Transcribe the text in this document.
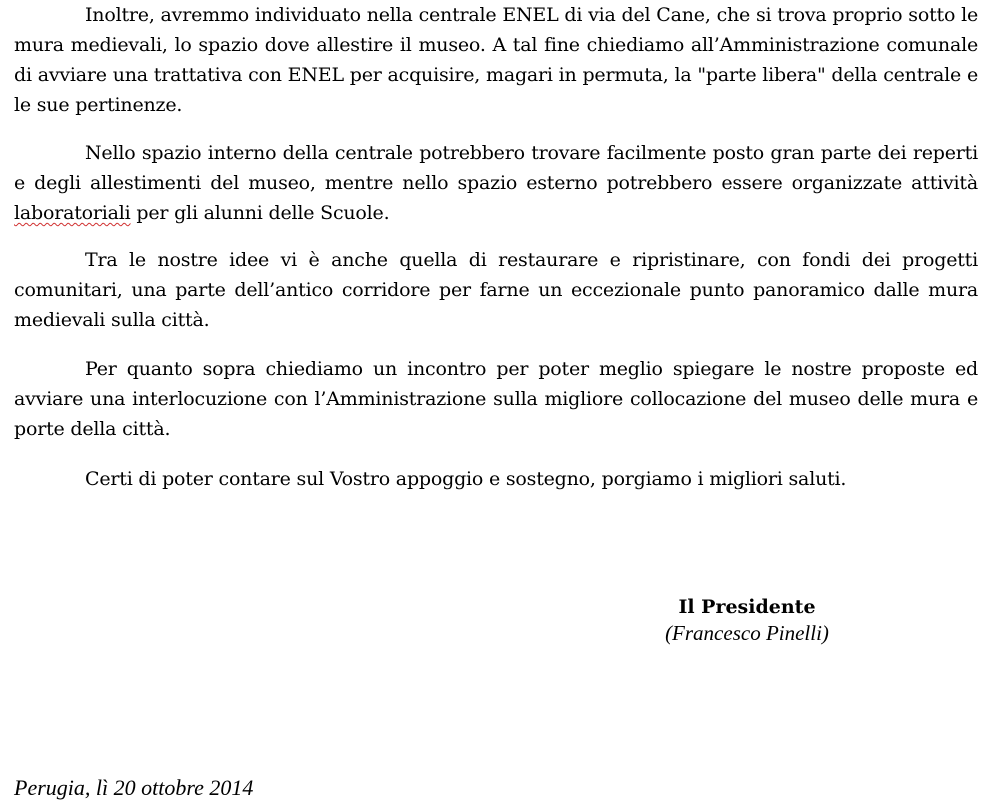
Inoltre, avremmo individuato nella centrale ENEL di via del Cane, che si trova proprio sotto le mura medievali, lo spazio dove allestire il museo. A tal fine chiediamo all’Amministrazione comunale di avviare una trattativa con ENEL per acquisire, magari in permuta, la "parte libera" della centrale e le sue pertinenze.

Nello spazio interno della centrale potrebbero trovare facilmente posto gran parte dei reperti e degli allestimenti del museo, mentre nello spazio esterno potrebbero essere organizzate attività laboratoriali per gli alunni delle Scuole.

Tra le nostre idee vi è anche quella di restaurare e ripristinare, con fondi dei progetti comunitari, una parte dell’antico corridore per farne un eccezionale punto panoramico dalle mura medievali sulla città.

Per quanto sopra chiediamo un incontro per poter meglio spiegare le nostre proposte ed avviare una interlocuzione con l’Amministrazione sulla migliore collocazione del museo delle mura e porte della città.

Certi di poter contare sul Vostro appoggio e sostegno, porgiamo i migliori saluti.

Il Presidente
(Francesco Pinelli)
Perugia, lì 20 ottobre 2014
